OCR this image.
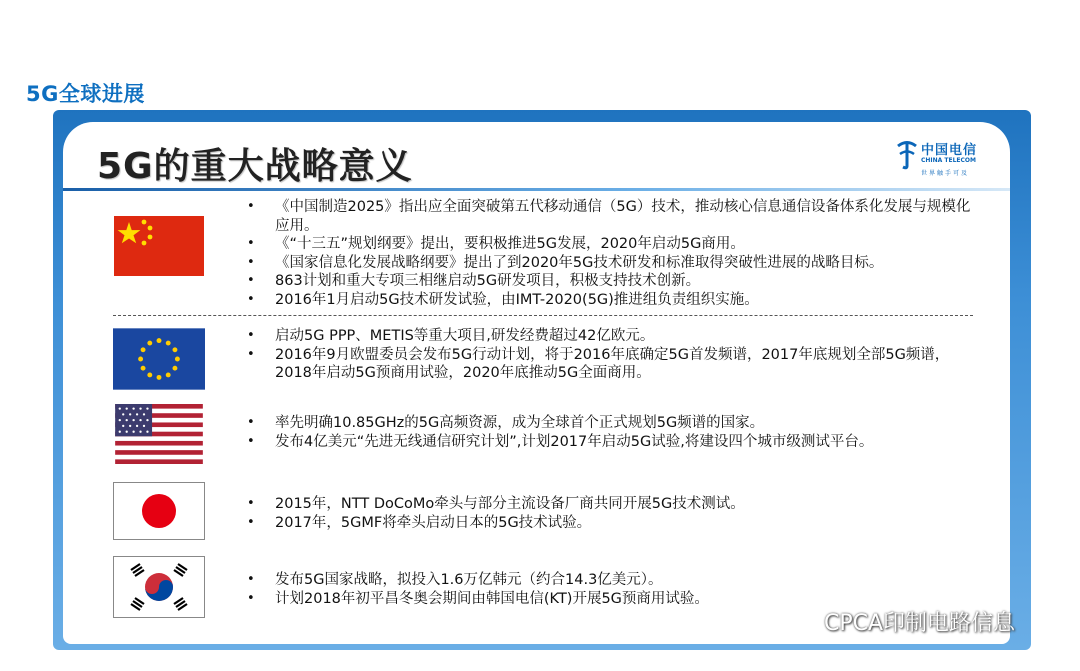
5G全球进展
5G的重大战略意义	中国电信
CHINA TELECOM
世界触手可及
• 《中国制造2025》指出应全面突破第五代移动通信（5G）技术，推动核心信息通信设备体系化发展与规模化应用。
• 《“十三五”规划纲要》提出，要积极推进5G发展，2020年启动5G商用。
• 《国家信息化发展战略纲要》提出了到2020年5G技术研发和标准取得突破性进展的战略目标。
• 863计划和重大专项三相继启动5G研发项目，积极支持技术创新。
• 2016年1月启动5G技术研发试验，由IMT-2020(5G)推进组负责组织实施。
• 启动5G PPP、METIS等重大项目,研发经费超过42亿欧元。
• 2016年9月欧盟委员会发布5G行动计划，将于2016年底确定5G首发频谱，2017年底规划全部5G频谱，2018年启动5G预商用试验，2020年底推动5G全面商用。
• 率先明确10.85GHz的5G高频资源，成为全球首个正式规划5G频谱的国家。
• 发布4亿美元“先进无线通信研究计划”,计划2017年启动5G试验,将建设四个城市级测试平台。
• 2015年，NTT DoCoMo牵头与部分主流设备厂商共同开展5G技术测试。
• 2017年，5GMF将牵头启动日本的5G技术试验。
• 发布5G国家战略，拟投入1.6万亿韩元（约合14.3亿美元）。
• 计划2018年初平昌冬奥会期间由韩国电信(KT)开展5G预商用试验。
CPCA印制电路信息
